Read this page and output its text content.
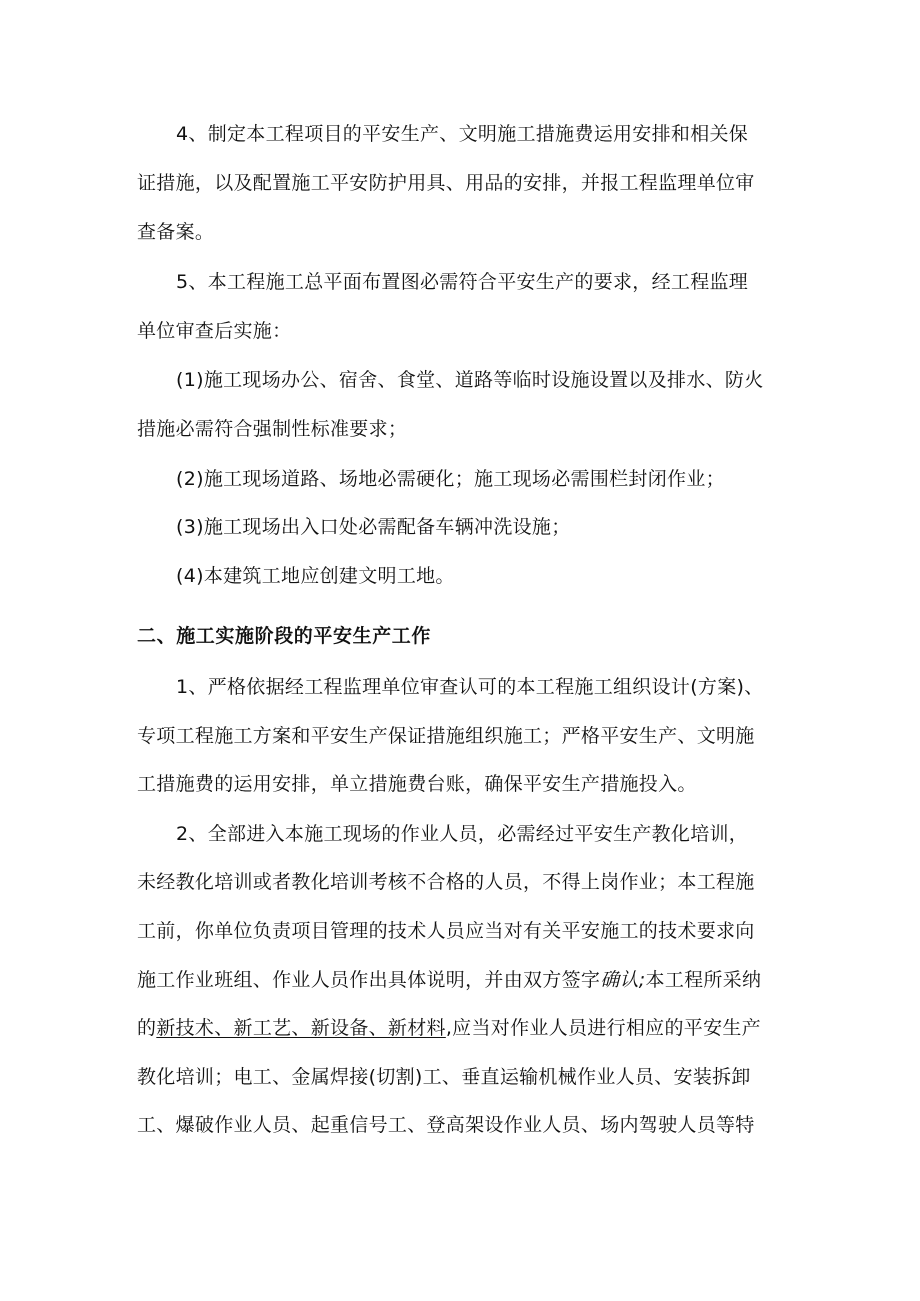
4、制定本工程项目的平安生产、文明施工措施费运用安排和相关保
证措施，以及配置施工平安防护用具、用品的安排，并报工程监理单位审
查备案。
5、本工程施工总平面布置图必需符合平安生产的要求，经工程监理
单位审查后实施：
(1)施工现场办公、宿舍、食堂、道路等临时设施设置以及排水、防火
措施必需符合强制性标准要求；
(2)施工现场道路、场地必需硬化；施工现场必需围栏封闭作业；
(3)施工现场出入口处必需配备车辆冲洗设施；
(4)本建筑工地应创建文明工地。
二、施工实施阶段的平安生产工作
1、严格依据经工程监理单位审查认可的本工程施工组织设计(方案)、
专项工程施工方案和平安生产保证措施组织施工；严格平安生产、文明施
工措施费的运用安排，单立措施费台账，确保平安生产措施投入。
2、全部进入本施工现场的作业人员，必需经过平安生产教化培训，
未经教化培训或者教化培训考核不合格的人员，不得上岗作业；本工程施
工前，你单位负责项目管理的技术人员应当对有关平安施工的技术要求向
施工作业班组、作业人员作出具体说明，并由双方签字确认;本工程所采纳
的新技术、新工艺、新设备、新材料,应当对作业人员进行相应的平安生产
教化培训；电工、金属焊接(切割)工、垂直运输机械作业人员、安装拆卸
工、爆破作业人员、起重信号工、登高架设作业人员、场内驾驶人员等特
